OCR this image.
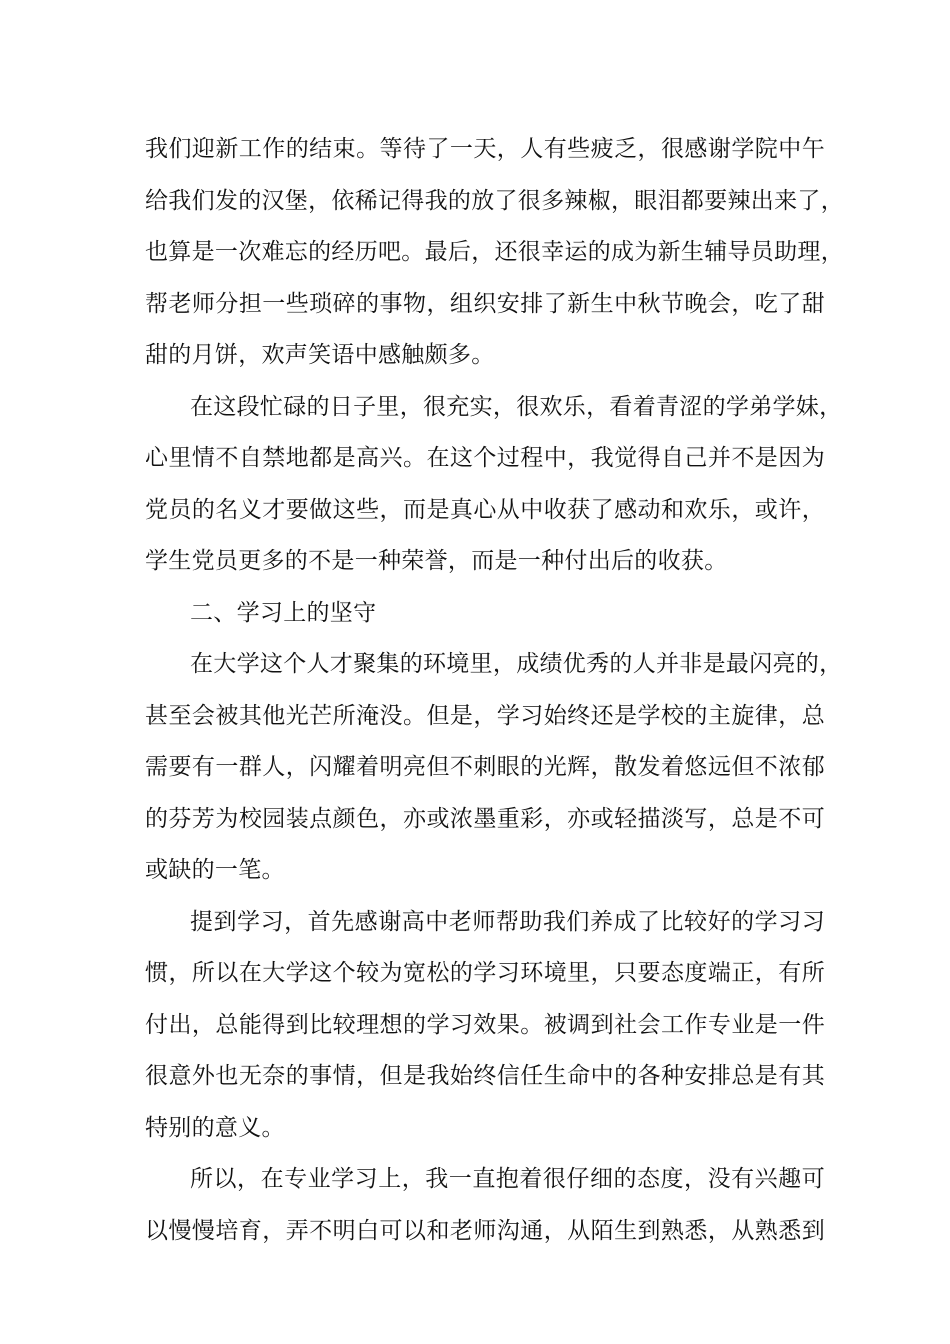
我们迎新工作的结束。等待了一天，人有些疲乏，很感谢学院中午
给我们发的汉堡，依稀记得我的放了很多辣椒，眼泪都要辣出来了，
也算是一次难忘的经历吧。最后，还很幸运的成为新生辅导员助理，
帮老师分担一些琐碎的事物，组织安排了新生中秋节晚会，吃了甜
甜的月饼，欢声笑语中感触颇多。
在这段忙碌的日子里，很充实，很欢乐，看着青涩的学弟学妹，
心里情不自禁地都是高兴。在这个过程中，我觉得自己并不是因为
党员的名义才要做这些，而是真心从中收获了感动和欢乐，或许，
学生党员更多的不是一种荣誉，而是一种付出后的收获。
二、学习上的坚守
在大学这个人才聚集的环境里，成绩优秀的人并非是最闪亮的，
甚至会被其他光芒所淹没。但是，学习始终还是学校的主旋律，总
需要有一群人，闪耀着明亮但不刺眼的光辉，散发着悠远但不浓郁
的芬芳为校园装点颜色，亦或浓墨重彩，亦或轻描淡写，总是不可
或缺的一笔。
提到学习，首先感谢高中老师帮助我们养成了比较好的学习习
惯，所以在大学这个较为宽松的学习环境里，只要态度端正，有所
付出，总能得到比较理想的学习效果。被调到社会工作专业是一件
很意外也无奈的事情，但是我始终信任生命中的各种安排总是有其
特别的意义。
所以，在专业学习上，我一直抱着很仔细的态度，没有兴趣可
以慢慢培育，弄不明白可以和老师沟通，从陌生到熟悉，从熟悉到
